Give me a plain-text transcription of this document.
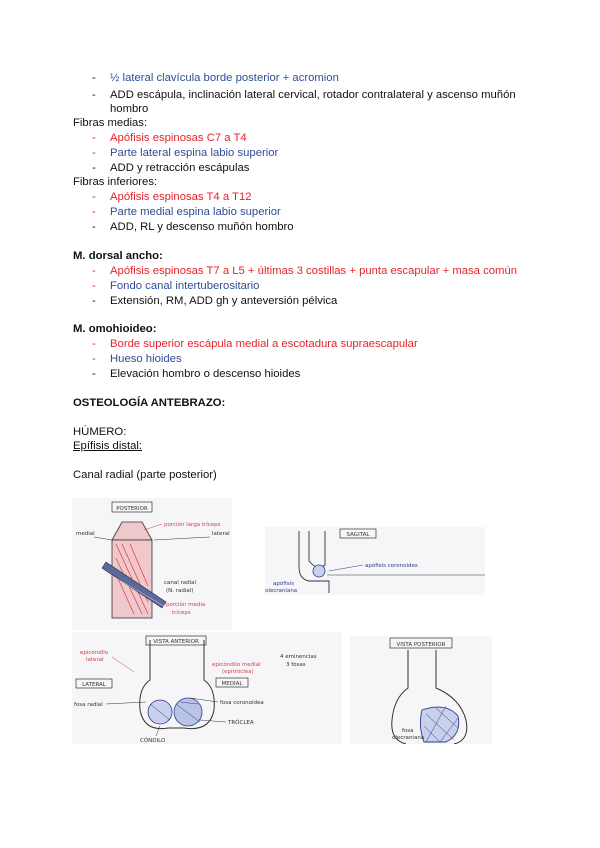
- ½ lateral clavícula borde posterior + acromion
- ADD escápula, inclinación lateral cervical, rotador contralateral y ascenso muñón hombro
Fibras medias:
- Apófisis espinosas C7 a T4
- Parte lateral espina labio superior
- ADD y retracción escápulas
Fibras inferiores:
- Apófisis espinosas T4 a T12
- Parte medial espina labio superior
- ADD, RL y descenso muñón hombro
M. dorsal ancho:
- Apófisis espinosas T7 a L5 + últimas 3 costillas + punta escapular + masa común
- Fondo canal intertuberositario
- Extensión, RM, ADD gh y anteversión pélvica
M. omohioideo:
- Borde superior escápula medial a escotadura supraescapular
- Hueso hioides
- Elevación hombro o descenso hioides
OSTEOLOGÍA ANTEBRAZO:
HÚMERO:
Epífisis distal:
Canal radial (parte posterior)
POSTERIOR
medial	lateral
porción larga tríceps
canal radial
(N. radial)
porción media
tríceps
SAGITAL
apófisis
olecraniana
apófisis coronoides
VISTA ANTERIOR
epicóndilo
lateral
LATERAL
fosa radial
epicóndilo medial
(epitróclea)
4 eminencias
3 fosas
MEDIAL
fosa coronoidea
TRÓCLEA
CÓNDILO
VISTA POSTERIOR
fosa
olecraniana
